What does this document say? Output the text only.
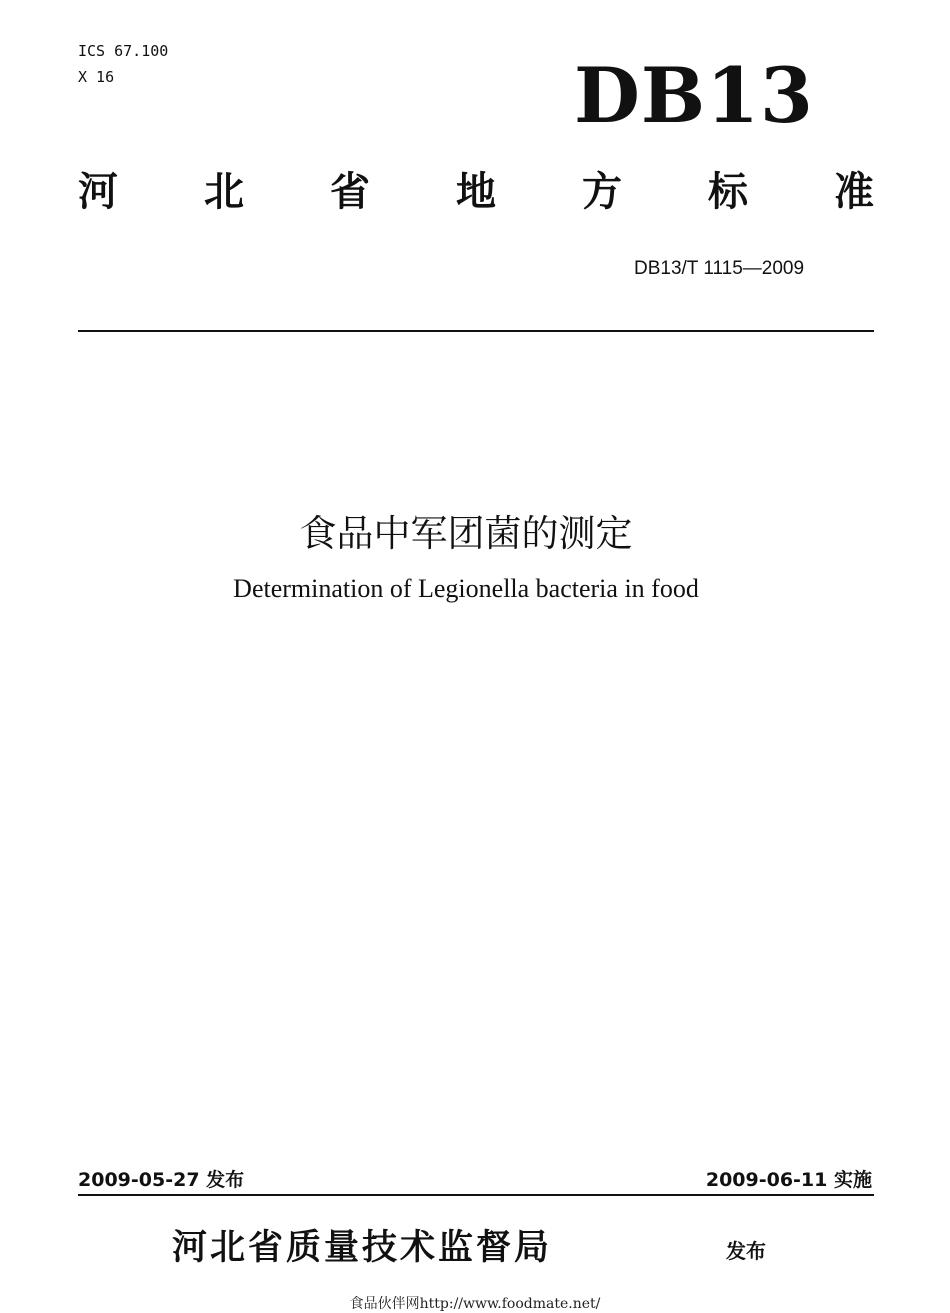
ICS 67.100
X 16	DB13
河 北 省 地 方 标 准
DB13/T 1115—2009
食品中军团菌的测定
Determination of Legionella bacteria in food
2009-05-27 发布	2009-06-11 实施
河北省质量技术监督局	发布
食品伙伴网http://www.foodmate.net/
